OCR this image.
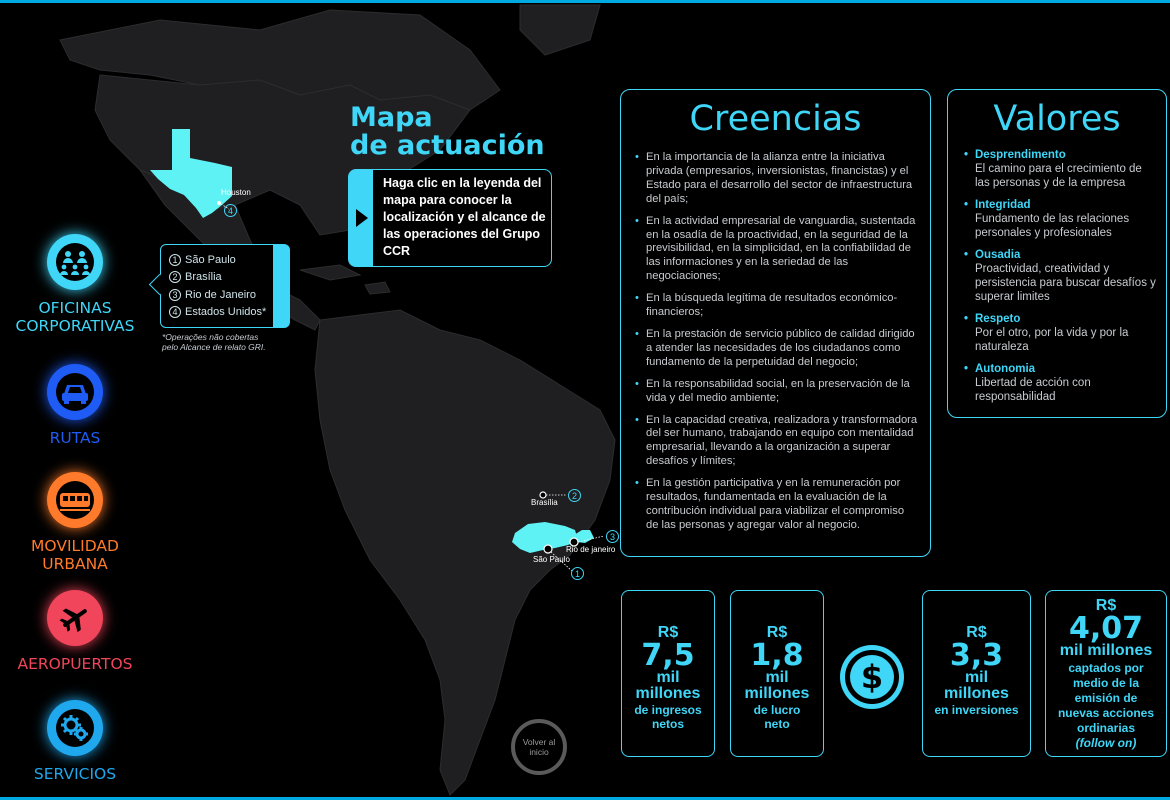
Houston
4
Brasília
2
Rio de janeiro
3
São Paulo
1
Mapa
de actuación
Haga clic en la leyenda del mapa para conocer la localización y el alcance de las operaciones del Grupo CCR
1 São Paulo
2 Brasília
3 Rio de Janeiro
4 Estados Unidos*
*Operações não cobertas
pelo Alcance de relato GRI.
OFICINAS
CORPORATIVAS
RUTAS
MOVILIDAD
URBANA
AEROPUERTOS
SERVICIOS
Volver al inicio
Creencias
• En la importancia de la alianza entre la iniciativa privada (empresarios, inversionistas, financistas) y el Estado para el desarrollo del sector de infraestructura del país;
• En la actividad empresarial de vanguardia, sustentada en la osadía de la proactividad, en la seguridad de la previsibilidad, en la simplicidad, en la confiabilidad de las informaciones y en la seriedad de las negociaciones;
• En la búsqueda legítima de resultados económico-financieros;
• En la prestación de servicio público de calidad dirigido a atender las necesidades de los ciudadanos como fundamento de la perpetuidad del negocio;
• En la responsabilidad social, en la preservación de la vida y del medio ambiente;
• En la capacidad creativa, realizadora y transformadora del ser humano, trabajando en equipo con mentalidad empresarial, llevando a la organización a superar desafíos y límites;
• En la gestión participativa y en la remuneración por resultados, fundamentada en la evaluación de la contribución individual para viabilizar el compromiso de las personas y agregar valor al negocio.
Valores
• Desprendimento
El camino para el crecimiento de las personas y de la empresa
• Integridad
Fundamento de las relaciones personales y profesionales
• Ousadia
Proactividad, creatividad y persistencia para buscar desafíos y superar limites
• Respeto
Por el otro, por la vida y por la naturaleza
• Autonomia
Libertad de acción con responsabilidad
R$
7,5
mil
millones
de ingresos
netos
R$
1,8
mil
millones
de lucro
neto
$
R$
3,3
mil
millones
en inversiones
R$
4,07
mil millones
captados por
medio de la
emisión de
nuevas acciones
ordinarias
(follow on)
